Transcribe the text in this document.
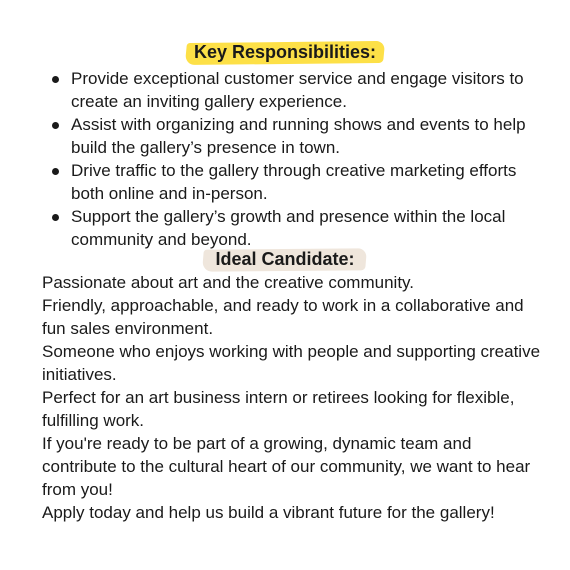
Key Responsibilities:
Provide exceptional customer service and engage visitors to create an inviting gallery experience.
Assist with organizing and running shows and events to help build the gallery’s presence in town.
Drive traffic to the gallery through creative marketing efforts both online and in-person.
Support the gallery’s growth and presence within the local community and beyond.
Ideal Candidate:

Passionate about art and the creative community.

Friendly, approachable, and ready to work in a collaborative and fun sales environment.

Someone who enjoys working with people and supporting creative initiatives.

Perfect for an art business intern or retirees looking for flexible, fulfilling work.

If you're ready to be part of a growing, dynamic team and contribute to the cultural heart of our community, we want to hear from you!

Apply today and help us build a vibrant future for the gallery!
